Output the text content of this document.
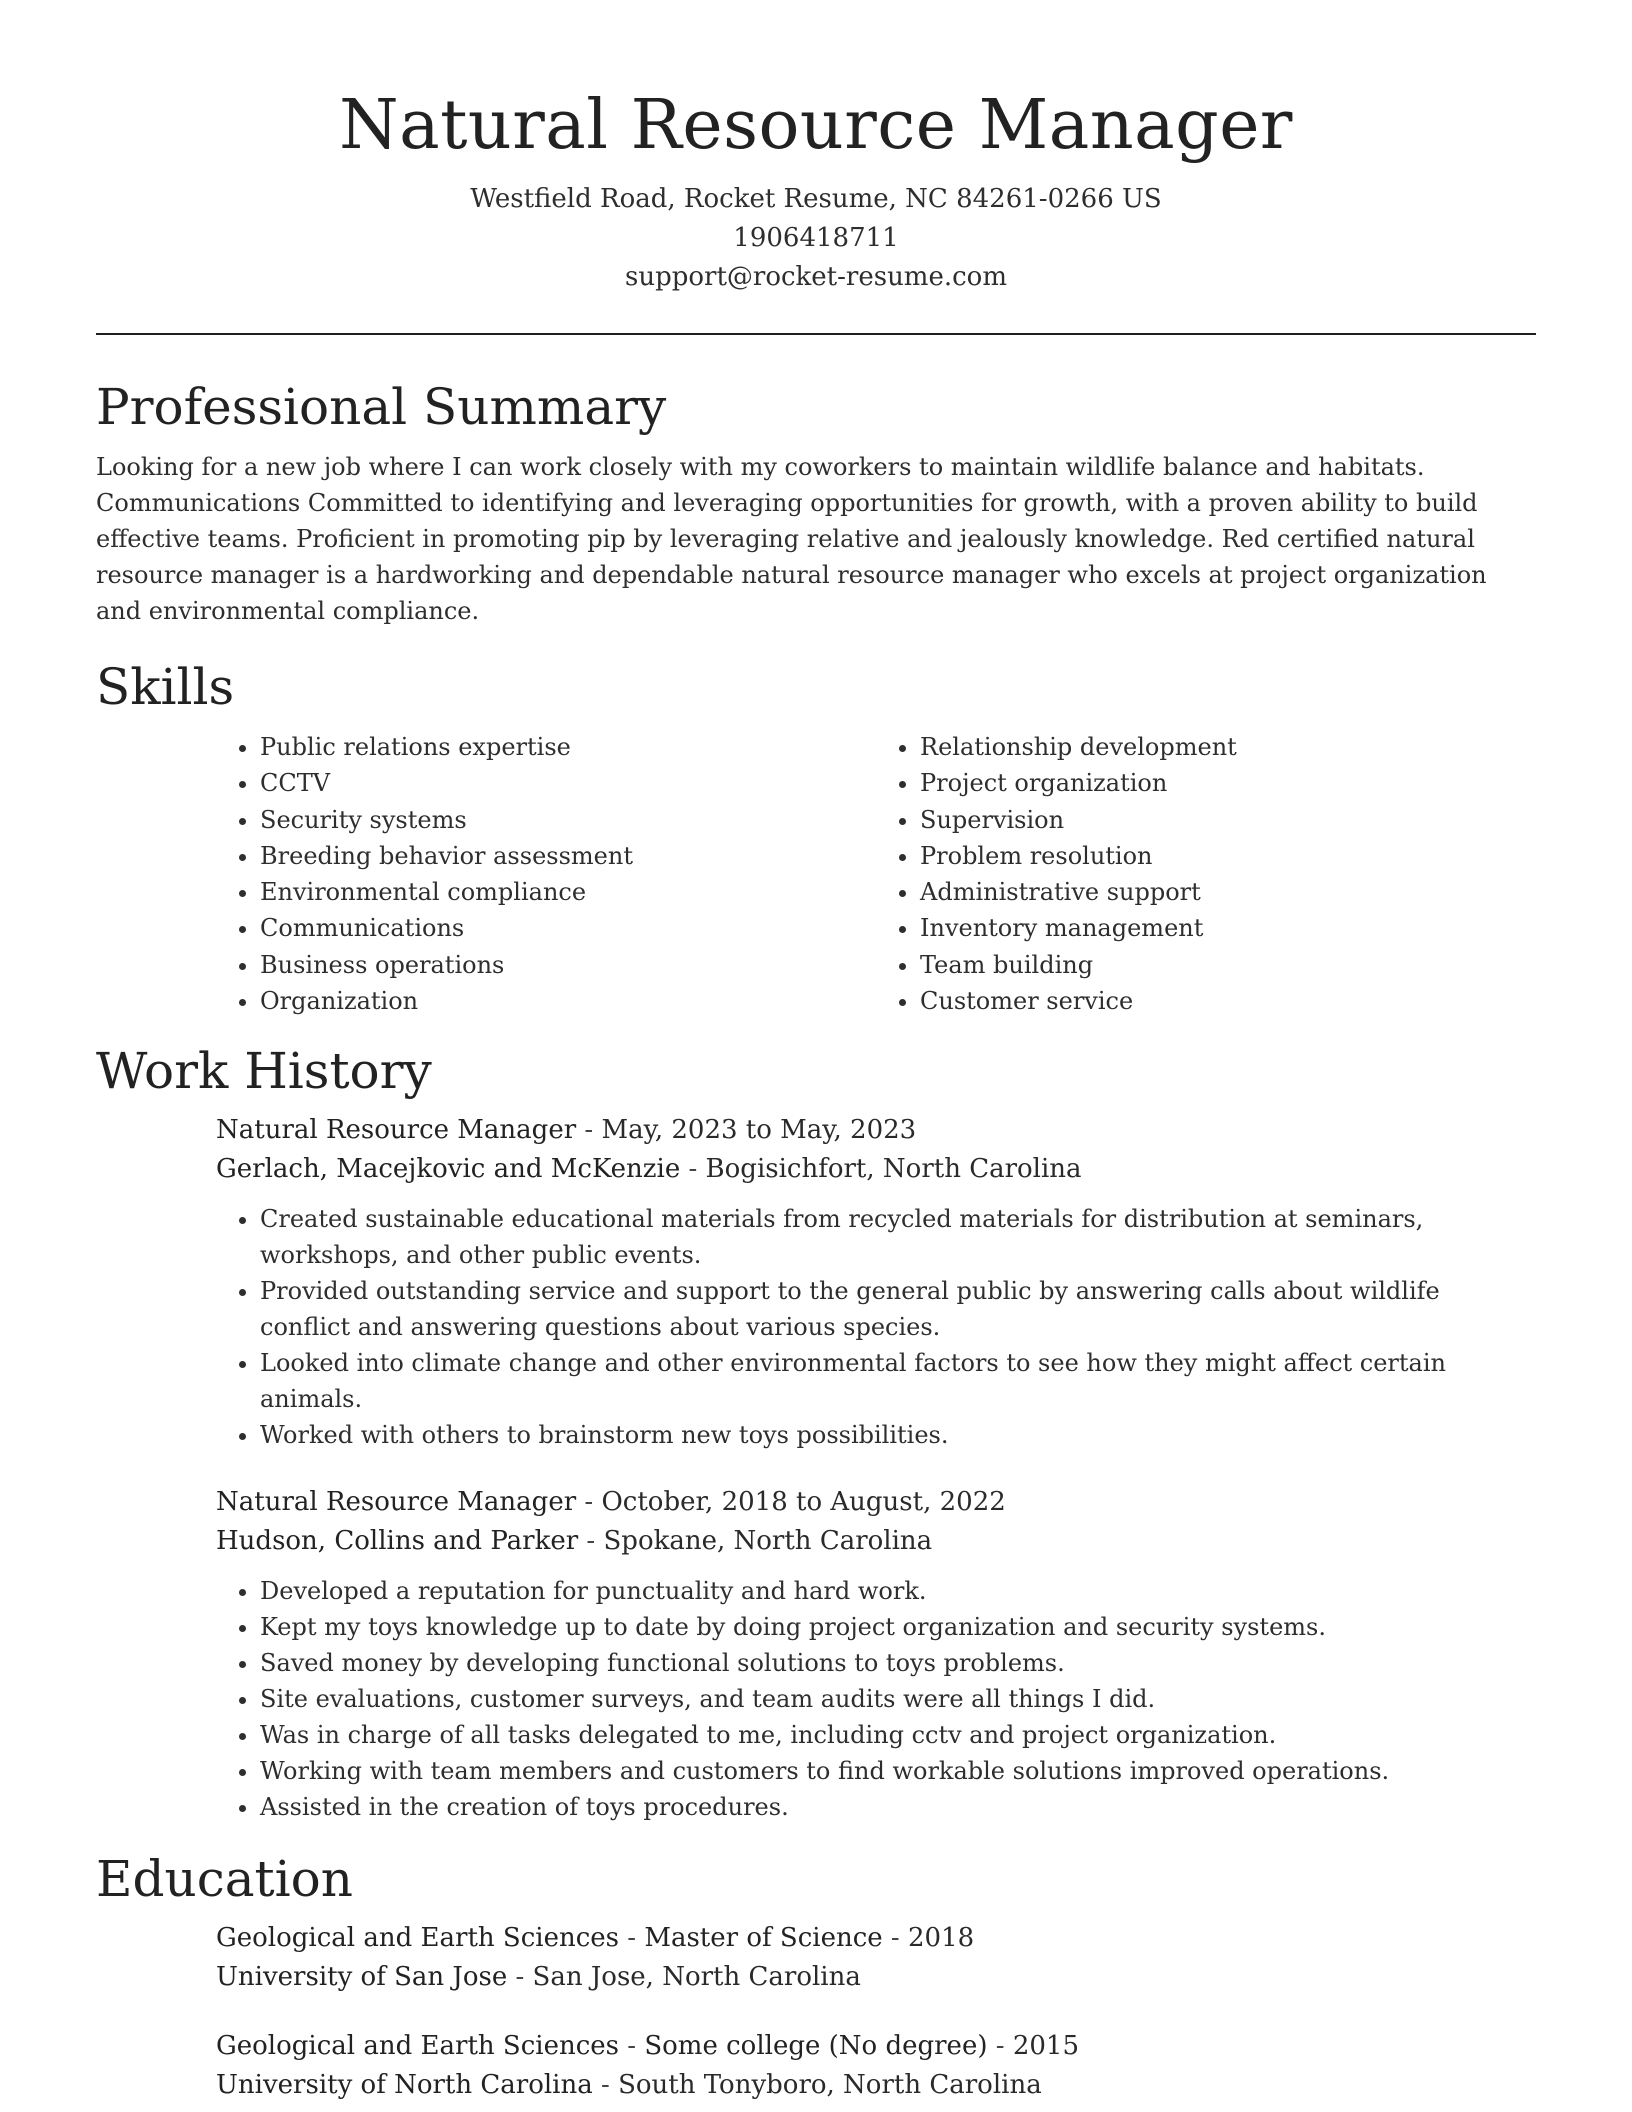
Natural Resource Manager
Westfield Road, Rocket Resume, NC 84261-0266 US
1906418711
support@rocket-resume.com
Professional Summary

Looking for a new job where I can work closely with my coworkers to maintain wildlife balance and habitats. Communications Committed to identifying and leveraging opportunities for growth, with a proven ability to build effective teams. Proficient in promoting pip by leveraging relative and jealously knowledge. Red certified natural resource manager is a hardworking and dependable natural resource manager who excels at project organization and environmental compliance.

Skills
• Public relations expertise
• CCTV
• Security systems
• Breeding behavior assessment
• Environmental compliance
• Communications
• Business operations
• Organization
• Relationship development
• Project organization
• Supervision
• Problem resolution
• Administrative support
• Inventory management
• Team building
• Customer service
Work History
Natural Resource Manager - May, 2023 to May, 2023
Gerlach, Macejkovic and McKenzie - Bogisichfort, North Carolina
• Created sustainable educational materials from recycled materials for distribution at seminars, workshops, and other public events.
• Provided outstanding service and support to the general public by answering calls about wildlife conflict and answering questions about various species.
• Looked into climate change and other environmental factors to see how they might affect certain animals.
• Worked with others to brainstorm new toys possibilities.
Natural Resource Manager - October, 2018 to August, 2022
Hudson, Collins and Parker - Spokane, North Carolina
• Developed a reputation for punctuality and hard work.
• Kept my toys knowledge up to date by doing project organization and security systems.
• Saved money by developing functional solutions to toys problems.
• Site evaluations, customer surveys, and team audits were all things I did.
• Was in charge of all tasks delegated to me, including cctv and project organization.
• Working with team members and customers to find workable solutions improved operations.
• Assisted in the creation of toys procedures.
Education
Geological and Earth Sciences - Master of Science - 2018
University of San Jose - San Jose, North Carolina
Geological and Earth Sciences - Some college (No degree) - 2015
University of North Carolina - South Tonyboro, North Carolina
